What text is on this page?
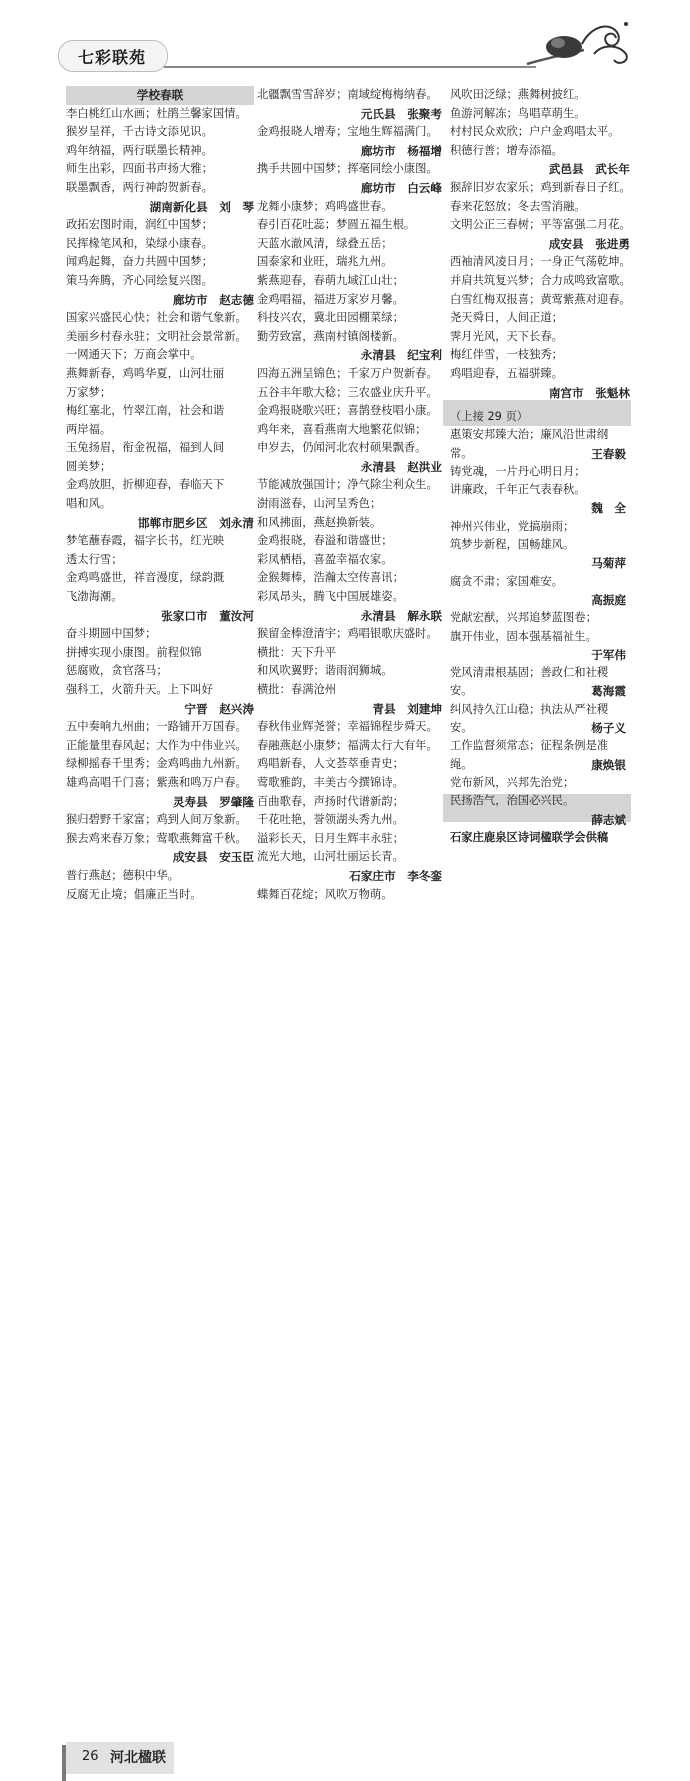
七彩联苑
学校春联
李白桃红山水画；杜鹃兰馨家国情。
猴岁呈祥，千古诗文添见识。
鸡年纳福，两行联墨长精神。
师生出彩，四面书声扬大雅；
联墨飘香，两行神韵贺新春。
湖南新化县　刘　琴
政拓宏图时雨，润红中国梦；
民挥椽笔风和，染绿小康春。
闻鸡起舞，奋力共圆中国梦；
策马奔腾，齐心同绘复兴图。
廊坊市　赵志德
国家兴盛民心快；社会和谐气象新。
美丽乡村春永驻；文明社会景常新。
一网通天下；万商会掌中。
燕舞新春，鸡鸣华夏，山河壮丽
万家梦；
梅红塞北，竹翠江南，社会和谐
两岸福。
玉兔扬眉，衔金祝福，福到人间
圆美梦；
金鸡放胆，折柳迎春，春临天下
唱和风。
邯郸市肥乡区　刘永清
梦笔蘸春霞，福字长书，红光映
透太行雪；
金鸡鸣盛世，祥音漫度，绿韵溉
飞渤海潮。
张家口市　董汝河
奋斗期圆中国梦；
拼搏实现小康图。前程似锦
惩腐败，贪官落马；
强科工，火箭升天。上下叫好
宁晋　赵兴涛
五中奏响九州曲；一路铺开万国春。
正能量里春风起；大作为中伟业兴。
绿柳摇春千里秀；金鸡鸣曲九州新。
雄鸡高唱千门喜；紫燕和鸣万户春。
灵寿县　罗肇隆
猴归碧野千家富；鸡到人间万象新。
猴去鸡来春万象；莺歌燕舞富千秋。
成安县　安玉臣
普行燕赵；德积中华。
反腐无止境；倡廉正当时。
北疆飘雪雪辞岁；南域绽梅梅纳春。
元氏县　张聚考
金鸡报晓人增寿；宝地生辉福满门。
廊坊市　杨福增
携手共圆中国梦；挥毫同绘小康图。
廊坊市　白云峰
龙舞小康梦；鸡鸣盛世春。
春引百花吐蕊；梦圆五福生根。
天蓝水澈风清，绿叠五岳；
国泰家和业旺，瑞兆九州。
紫燕迎春，春萌九域江山壮；
金鸡唱福，福进万家岁月馨。
科技兴农，冀北田园棚菜绿；
勤劳致富，燕南村镇阁楼新。
永清县　纪宝利
四海五洲呈锦色；千家万户贺新春。
五谷丰年歌大稔；三农盛业庆升平。
金鸡报晓歌兴旺；喜鹊登枝唱小康。
鸡年来，喜看燕南大地繁花似锦；
申岁去，仍闻河北农村硕果飘香。
永清县　赵洪业
节能减放强国计；净气除尘利众生。
澍雨滋春，山河呈秀色；
和风拂面，燕赵换新装。
金鸡报晓，春溢和谐盛世；
彩凤栖梧，喜盈幸福农家。
金猴舞棒，浩瀚太空传喜讯；
彩凤昂头，腾飞中国展雄姿。
永清县　解永联
猴留金棒澄清宇；鸡唱银歌庆盛时。
横批：天下升平
和风吹翼野；谐雨润狮城。
横批：春满沧州
青县　刘建坤
春秋伟业辉尧誉；幸福锦程步舜天。
春融燕赵小康梦；福满太行大有年。
鸡唱新春，人文荟萃垂青史；
莺歌雅韵，丰美古今撰锦诗。
百曲歌春，声扬时代谱新韵；
千花吐艳，誉领湖头秀九州。
溢彩长天，日月生辉丰永驻；
流光大地，山河壮丽运长青。
石家庄市　李冬銮
蝶舞百花绽；风吹万物萌。
风吹田泛绿；燕舞树披红。
鱼游河解冻；鸟唱草萌生。
村村民众欢欣；户户金鸡唱太平。
积德行善；增寿添福。
武邑县　武长年
猴辞旧岁农家乐；鸡到新春日子红。
春来花怒放；冬去雪消融。
文明公正三春树；平等富强二月花。
成安县　张进勇
西袖清风凌日月；一身正气荡乾坤。
并肩共筑复兴梦；合力成鸣致富歌。
白雪红梅双报喜；黄莺紫燕对迎春。
尧天舜日，人间正道；
霁月光风，天下长春。
梅红伴雪，一枝独秀；
鸡唱迎春，五福骈臻。
南宫市　张魁林
（上接 29 页）
惠策安邦臻大治；廉风沿世肃纲常。	王春毅
铸党魂，一片丹心明日月；
讲廉政，千年正气表春秋。
魏　全
神州兴伟业，党搞崩雨；
筑梦步新程，国畅雄风。
马菊萍
腐贪不肃；家国难安。
高振庭
党献宏猷，兴邦追梦蓝图卷；
旗开伟业，固本强基福祉生。
于军伟
党风清肃根基固；善政仁和社稷安。	葛海霞
纠风持久江山稳；执法从严社稷安。	杨子义
工作监督须常态；征程条例是准绳。	康焕银
党布新风，兴邦先治党；
民扬浩气，治国必兴民。
薛志斌
石家庄鹿泉区诗词楹联学会供稿
26 河北楹联
